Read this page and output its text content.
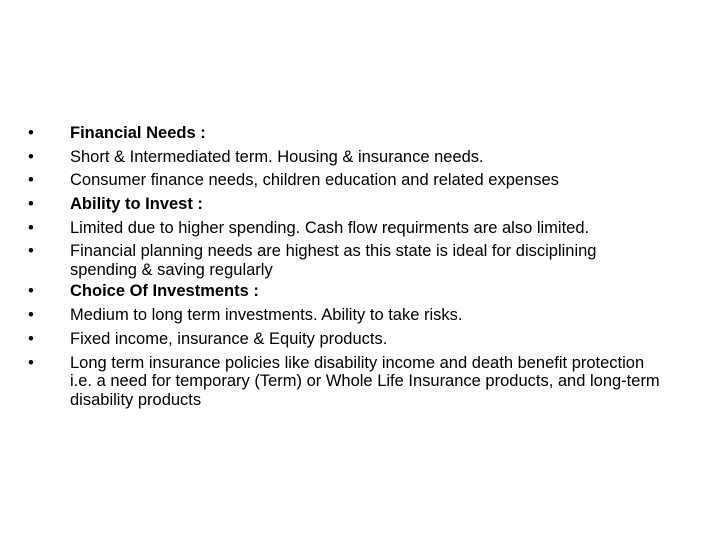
•	Financial Needs :
•	Short & Intermediated term. Housing & insurance needs.
•	Consumer finance needs, children education and related expenses
•	Ability to Invest :
•	Limited due to higher spending. Cash flow requirments are also limited.
•	Financial planning needs are highest as this state is ideal for disciplining spending & saving regularly
•	Choice Of Investments :
•	Medium to long term investments. Ability to take risks.
•	Fixed income, insurance & Equity products.
•	Long term insurance policies like disability income and death benefit protection i.e. a need for temporary (Term) or Whole Life Insurance products, and long-term disability products
